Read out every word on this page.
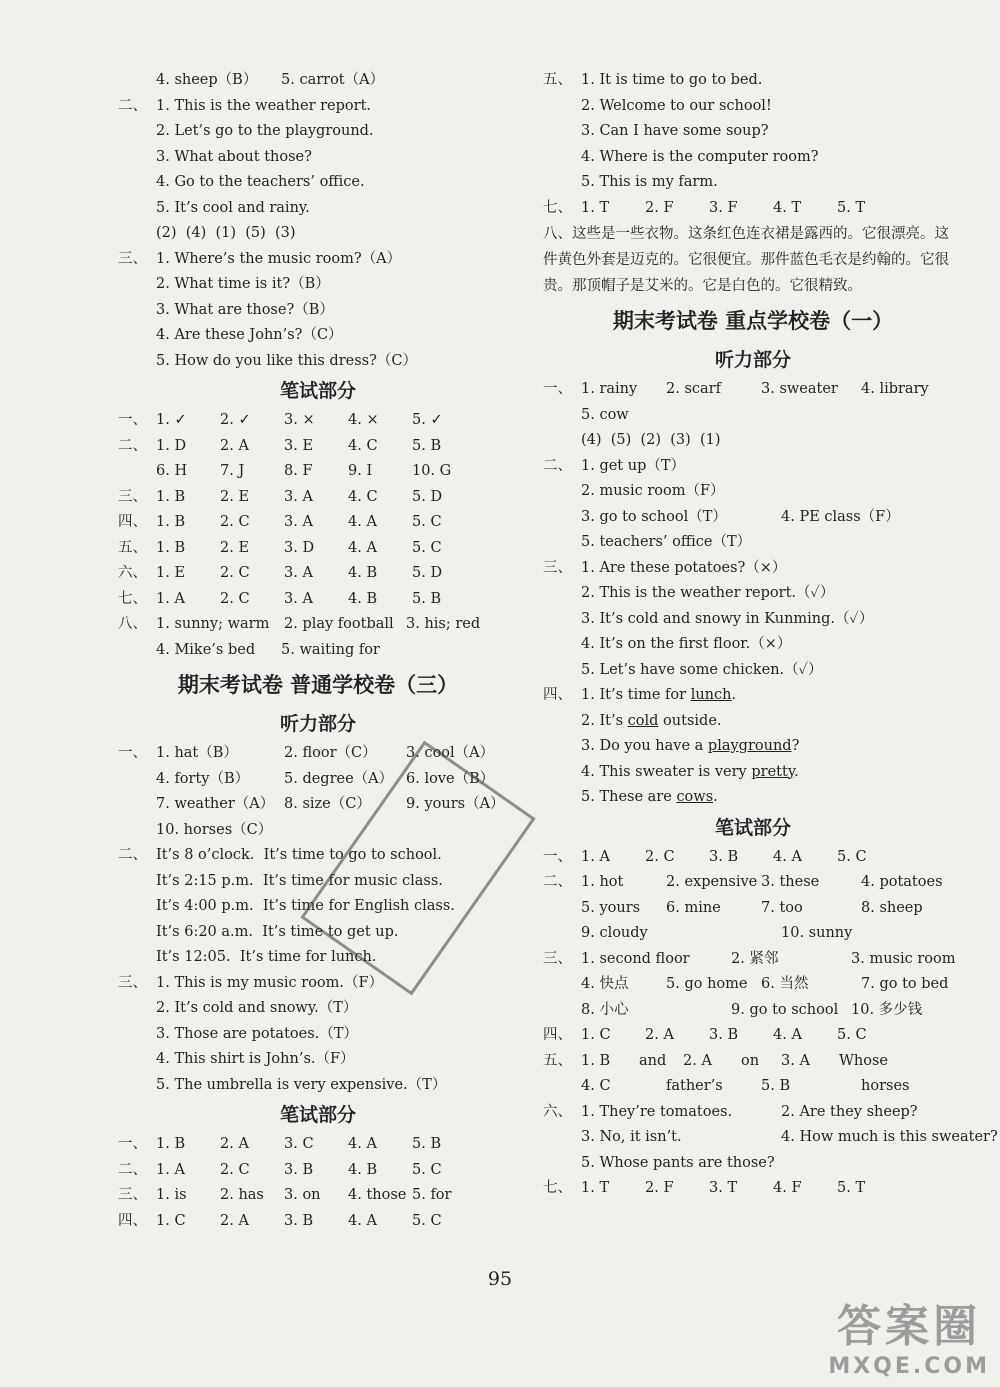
4. sheep（B） 5. carrot（A）
二、 1. This is the weather report.
2. Let’s go to the playground.
3. What about those?
4. Go to the teachers’ office.
5. It’s cool and rainy.
(2)  (4)  (1)  (5)  (3)
三、 1. Where’s the music room?（A）
2. What time is it?（B）
3. What are those?（B）
4. Are these John’s?（C）
5. How do you like this dress?（C）
笔试部分
一、 1. ✓ 2. ✓ 3. × 4. × 5. ✓
二、 1. D 2. A 3. E 4. C 5. B
6. H 7. J	8. F 9. I	10. G
三、 1. B 2. E 3. A 4. C 5. D
四、 1. B 2. C 3. A 4. A 5. C
五、 1. B 2. E 3. D 4. A 5. C
六、 1. E 2. C 3. A 4. B 5. D
七、 1. A 2. C 3. A 4. B 5. B
八、 1. sunny; warm 2. play football 3. his; red
4. Mike’s bed 5. waiting for
期末考试卷 普通学校卷（三）
听力部分
一、 1. hat（B）	2. floor（C） 3. cool（A）
4. forty（B） 5. degree（A） 6. love（B）
7. weather（A） 8. size（C） 9. yours（A）
10. horses（C）
二、 It’s 8 o’clock.  It’s time to go to school.
It’s 2:15 p.m.  It’s time for music class.
It’s 4:00 p.m.  It’s time for English class.
It’s 6:20 a.m.  It’s time to get up.
It’s 12:05.  It’s time for lunch.
三、 1. This is my music room.（F）
2. It’s cold and snowy.（T）
3. Those are potatoes.（T）
4. This shirt is John’s.（F）
5. The umbrella is very expensive.（T）
笔试部分
一、 1. B 2. A 3. C 4. A 5. B
二、 1. A 2. C 3. B 4. B 5. C
三、 1. is 2. has 3. on 4. those 5. for
四、 1. C 2. A 3. B 4. A 5. C
五、 1. It is time to go to bed.
2. Welcome to our school!
3. Can I have some soup?
4. Where is the computer room?
5. This is my farm.
七、 1. T 2. F 3. F 4. T 5. T
八、这些是一些衣物。这条红色连衣裙是露西的。它很漂亮。这件黄色外套是迈克的。它很便宜。那件蓝色毛衣是约翰的。它很贵。那顶帽子是艾米的。它是白色的。它很精致。
期末考试卷 重点学校卷（一）
听力部分
一、 1. rainy 2. scarf	3. sweater 4. library
5. cow
(4)  (5)  (2)  (3)  (1)
二、 1. get up（T）
2. music room（F）
3. go to school（T）	4. PE class（F）
5. teachers’ office（T）
三、 1. Are these potatoes?（×）
2. This is the weather report.（✓）
3. It’s cold and snowy in Kunming.（✓）
4. It’s on the first floor.（×）
5. Let’s have some chicken.（✓）
四、 1. It’s time for lunch.
2. It’s cold outside.
3. Do you have a playground?
4. This sweater is very pretty.
5. These are cows.
笔试部分
一、 1. A 2. C 3. B 4. A 5. C
二、 1. hot	2. expensive 3. these	4. potatoes
5. yours 6. mine	7. too	8. sheep
9. cloudy	10. sunny
三、 1. second floor	2. 紧邻	3. music room
4. 快点	5. go home 6. 当然	7. go to bed
8. 小心	9. go to school 10. 多少钱
四、 1. C 2. A 3. B 4. A 5. C
五、 1. B and 2. A on 3. A Whose
4. C	father’s	5. B	horses
六、 1. They’re tomatoes.	2. Are they sheep?
3. No, it isn’t.	4. How much is this sweater?
5. Whose pants are those?
七、 1. T 2. F 3. T 4. F 5. T
95
答案圈
MXQE.COM
